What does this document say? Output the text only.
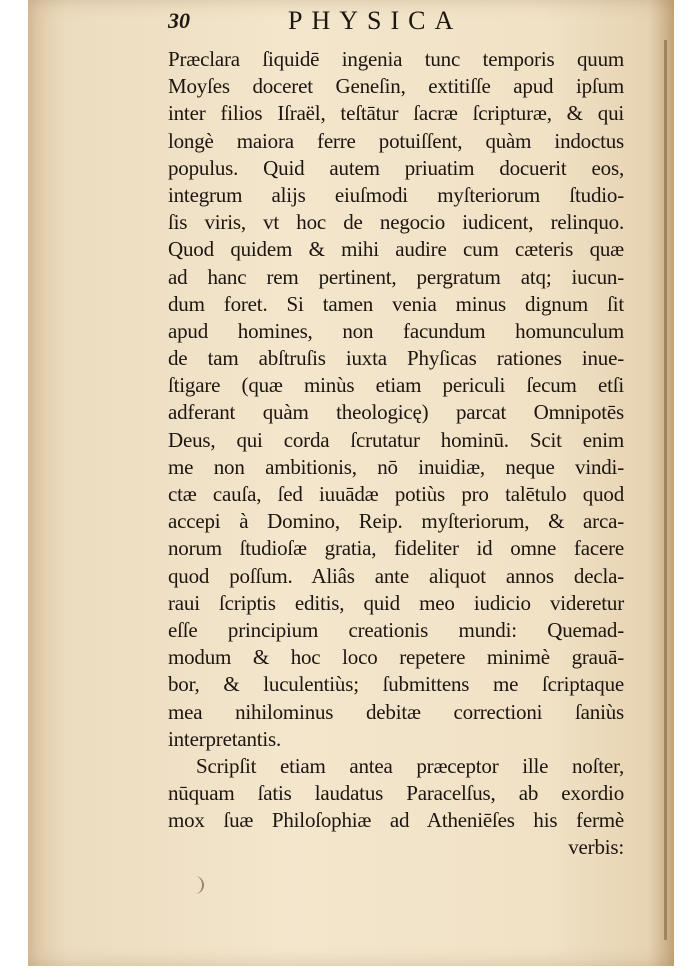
30	PHYSICA
Præclara ſiquidē ingenia tunc temporis quum
Moyſes doceret Geneſin, extitiſſe apud ipſum
inter filios Iſraël, teſtātur ſacræ ſcripturæ, & qui
longè maiora ferre potuiſſent, quàm indoctus
populus. Quid autem priuatim docuerit eos,
integrum alijs eiuſmodi myſteriorum ſtudio-
ſis viris, vt hoc de negocio iudicent, relinquo.
Quod quidem & mihi audire cum cæteris quæ
ad hanc rem pertinent, pergratum atq; iucun-
dum foret. Si tamen venia minus dignum ſit
apud homines, non facundum homunculum
de tam abſtruſis iuxta Phyſicas rationes inue-
ſtigare (quæ minùs etiam periculi ſecum etſi
adferant quàm theologicę) parcat Omnipotēs
Deus, qui corda ſcrutatur hominū. Scit enim
me non ambitionis, nō inuidiæ, neque vindi-
ctæ cauſa, ſed iuuādæ potiùs pro talētulo quod
accepi à Domino, Reip. myſteriorum, & arca-
norum ſtudioſæ gratia, fideliter id omne facere
quod poſſum. Aliâs ante aliquot annos decla-
raui ſcriptis editis, quid meo iudicio videretur
eſſe principium creationis mundi: Quemad-
modum & hoc loco repetere minimè grauā-
bor, & luculentiùs; ſubmittens me ſcriptaque
mea nihilominus debitæ correctioni ſaniùs
interpretantis.
Scripſit etiam antea præceptor ille noſter,
nūquam ſatis laudatus Paracelſus, ab exordio
mox ſuæ Philoſophiæ ad Atheniēſes his fermè
verbis:
